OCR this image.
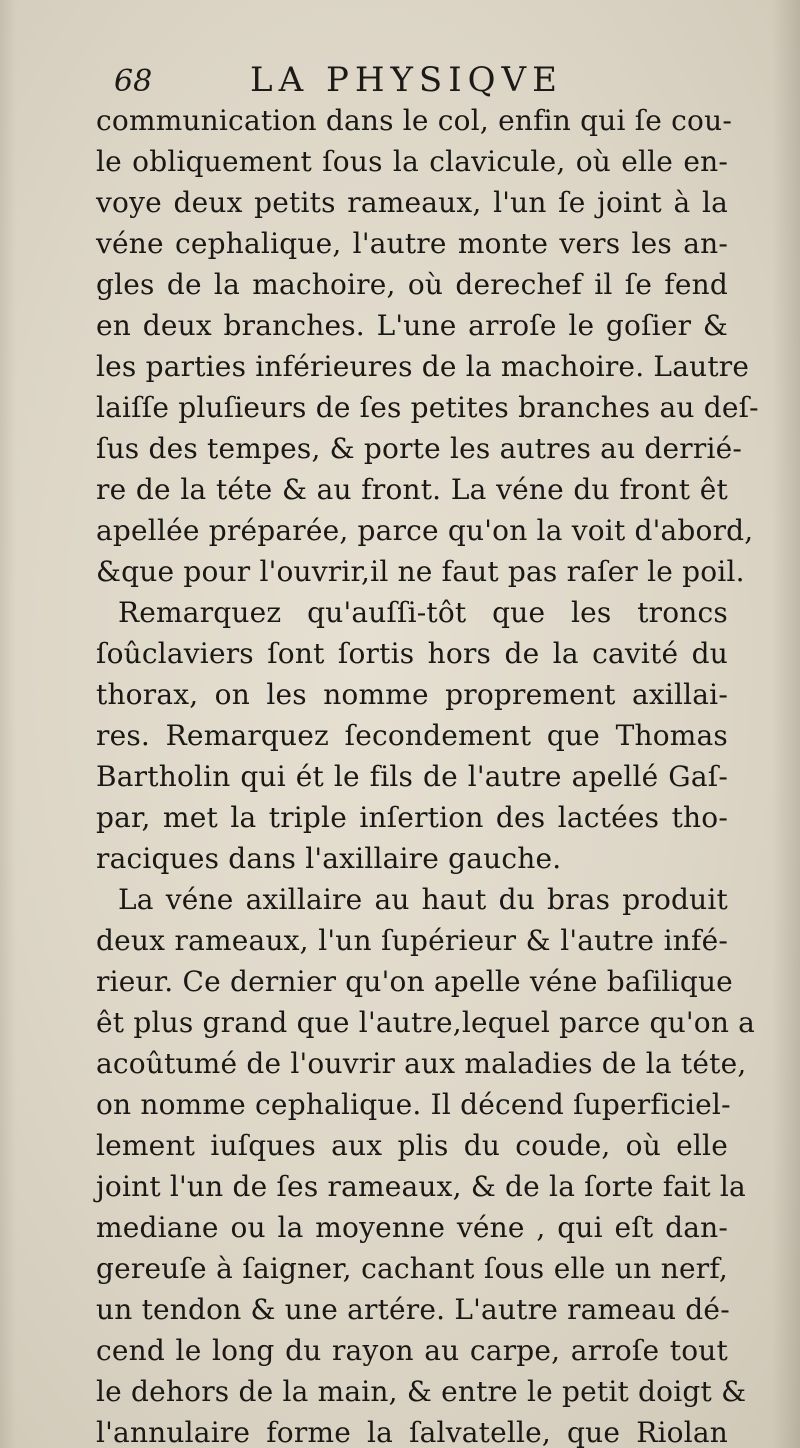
68	LA PHYSIQVE
communication dans le col, enfin qui ſe cou-
le obliquement ſous la clavicule, où elle en-
voye deux petits rameaux, l'un ſe joint à la
véne cephalique, l'autre monte vers les an-
gles de la machoire, où derechef il ſe fend
en deux branches. L'une arroſe le goſier &
les parties inférieures de la machoire. Lautre
laiſſe pluſieurs de ſes petites branches au deſ-
ſus des tempes, & porte les autres au derrié-
re de la téte & au front. La véne du front êt
apellée préparée, parce qu'on la voit d'abord,
&que pour l'ouvrir,il ne faut pas raſer le poil.
Remarquez qu'auſſi-tôt que les troncs
ſoûclaviers ſont ſortis hors de la cavité du
thorax, on les nomme proprement axillai-
res. Remarquez ſecondement que Thomas
Bartholin qui ét le fils de l'autre apellé Gaſ-
par, met la triple inſertion des lactées tho-
raciques dans l'axillaire gauche.
La véne axillaire au haut du bras produit
deux rameaux, l'un ſupérieur & l'autre infé-
rieur. Ce dernier qu'on apelle véne baſilique
êt plus grand que l'autre,lequel parce qu'on a
acoûtumé de l'ouvrir aux maladies de la téte,
on nomme cephalique. Il décend ſuperficiel-
lement iuſques aux plis du coude, où elle
joint l'un de ſes rameaux, & de la ſorte fait la
mediane ou la moyenne véne , qui eſt dan-
gereuſe à ſaigner, cachant ſous elle un nerf,
un tendon & une artére. L'autre rameau dé-
cend le long du rayon au carpe, arroſe tout
le dehors de la main, & entre le petit doigt &
l'annulaire forme la ſalvatelle, que Riolan
